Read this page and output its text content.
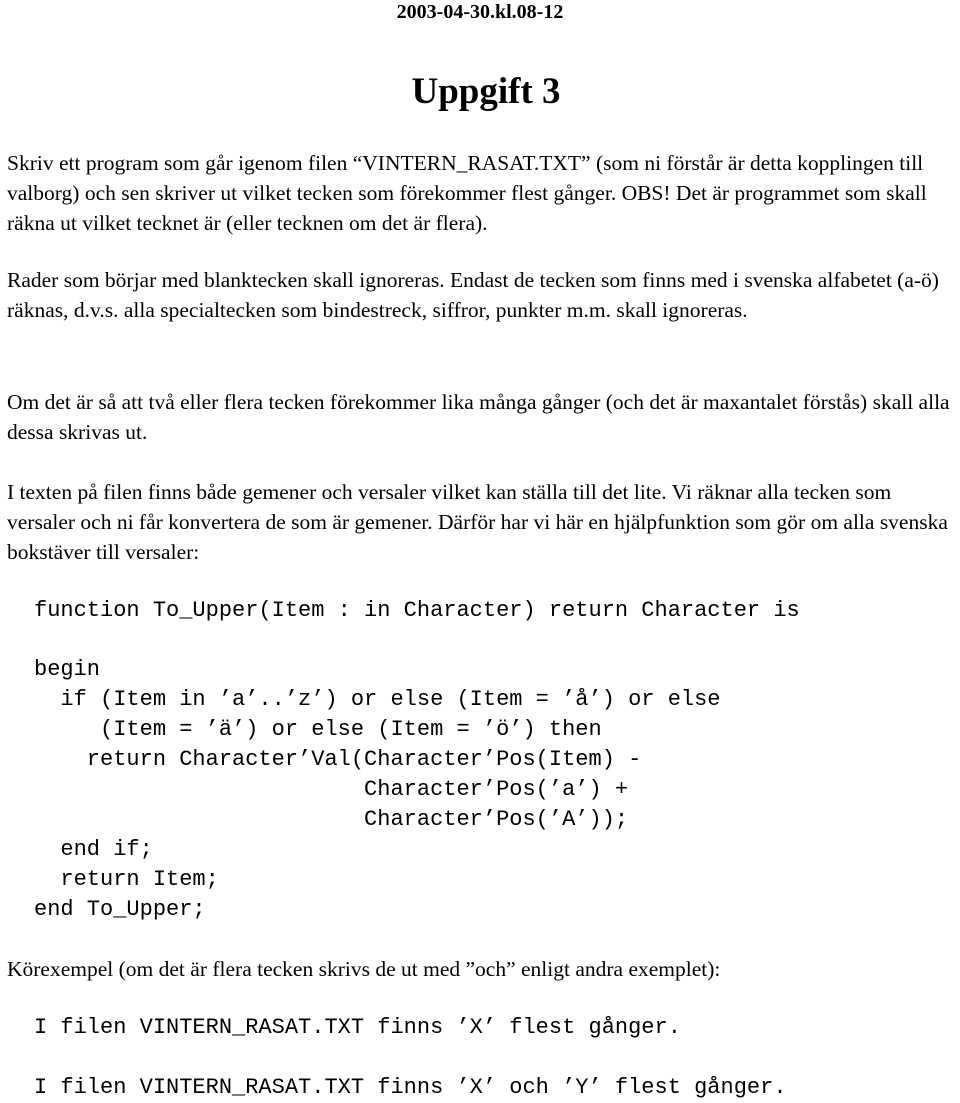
2003-04-30.kl.08-12
Uppgift 3

Skriv ett program som går igenom filen “VINTERN_RASAT.TXT” (som ni förstår är detta kopplingen till valborg) och sen skriver ut vilket tecken som förekommer flest gånger. OBS! Det är programmet som skall räkna ut vilket tecknet är (eller tecknen om det är flera).

Rader som börjar med blanktecken skall ignoreras. Endast de tecken som finns med i svenska alfabetet (a-ö) räknas, d.v.s. alla specialtecken som bindestreck, siffror, punkter m.m. skall ignoreras.

Om det är så att två eller flera tecken förekommer lika många gånger (och det är maxantalet förstås) skall alla dessa skrivas ut.

I texten på filen finns både gemener och versaler vilket kan ställa till det lite. Vi räknar alla tecken som versaler och ni får konvertera de som är gemener. Därför har vi här en hjälpfunktion som gör om alla svenska bokstäver till versaler:

function To_Upper(Item : in Character) return Character is
begin
if (Item in ’a’..’z’) or else (Item = ’å’) or else
(Item = ’ä’) or else (Item = ’ö’) then
return Character’Val(Character’Pos(Item) -
Character’Pos(’a’) +
Character’Pos(’A’));
end if;
return Item;
end To_Upper;

Körexempel (om det är flera tecken skrivs de ut med ”och” enligt andra exemplet):

I filen VINTERN_RASAT.TXT finns ’X’ flest gånger.
I filen VINTERN_RASAT.TXT finns ’X’ och ’Y’ flest gånger.
